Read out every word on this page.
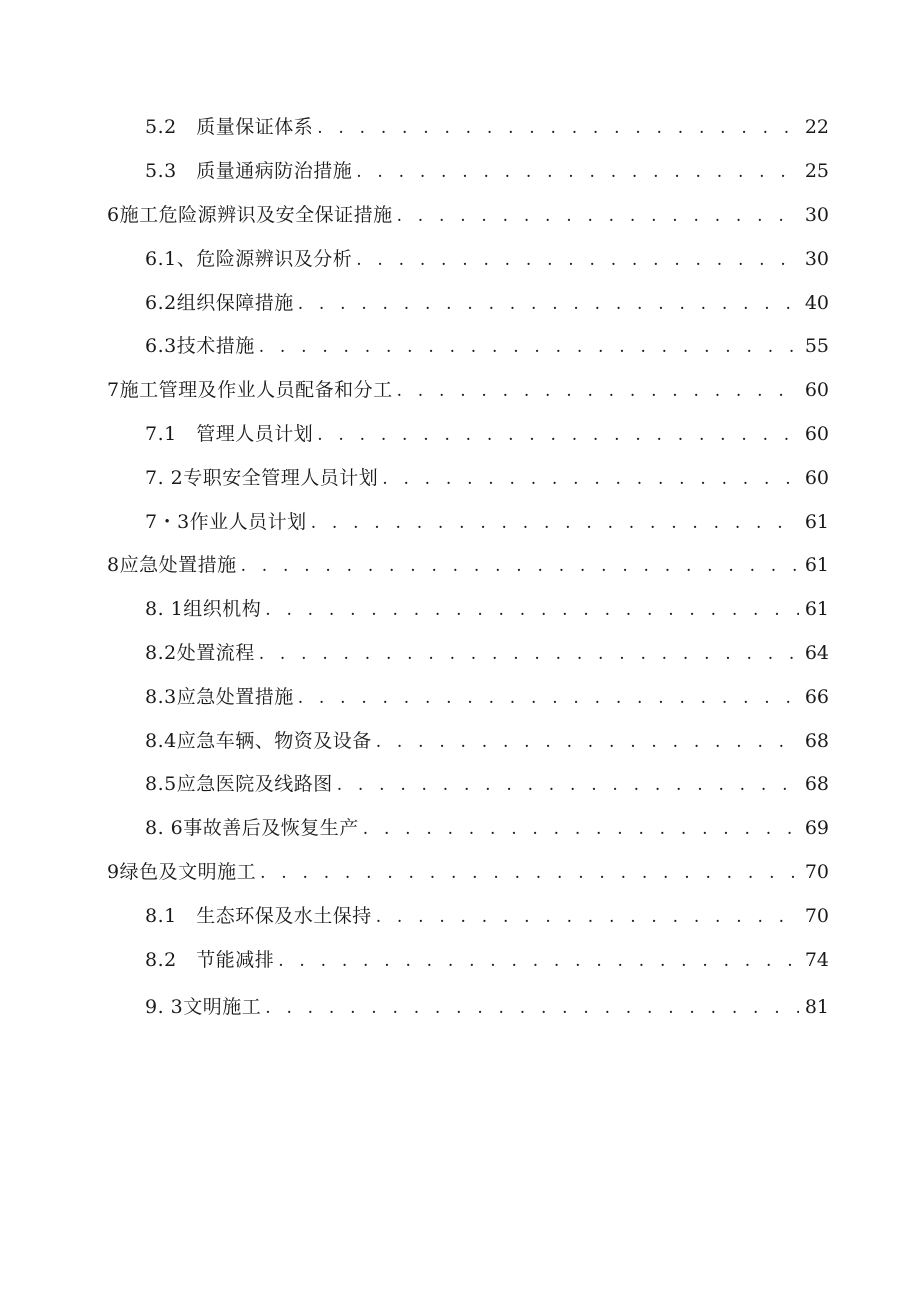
5.2　质量保证体系 . . .	22
5.3　质量通病防治措施 . . .	25
6施工危险源辨识及安全保证措施 . . .	30
6.1、危险源辨识及分析 . . .	30
6.2组织保障措施 . . .	40
6.3技术措施 . . .	55
7施工管理及作业人员配备和分工 . . .	60
7.1　管理人员计划 . . .	60
7. 2专职安全管理人员计划 . . .	60
7・3作业人员计划 . . .	61
8应急处置措施 . . .	61
8. 1组织机构 . . .	61
8.2处置流程 . . .	64
8.3应急处置措施 . . .	66
8.4应急车辆、物资及设备 . . .	68
8.5应急医院及线路图 . . .	68
8. 6事故善后及恢复生产 . . .	69
9绿色及文明施工 . . .	70
8.1　生态环保及水土保持 . . .	70
8.2　节能减排 . . .	74
9. 3文明施工 . . .	81
